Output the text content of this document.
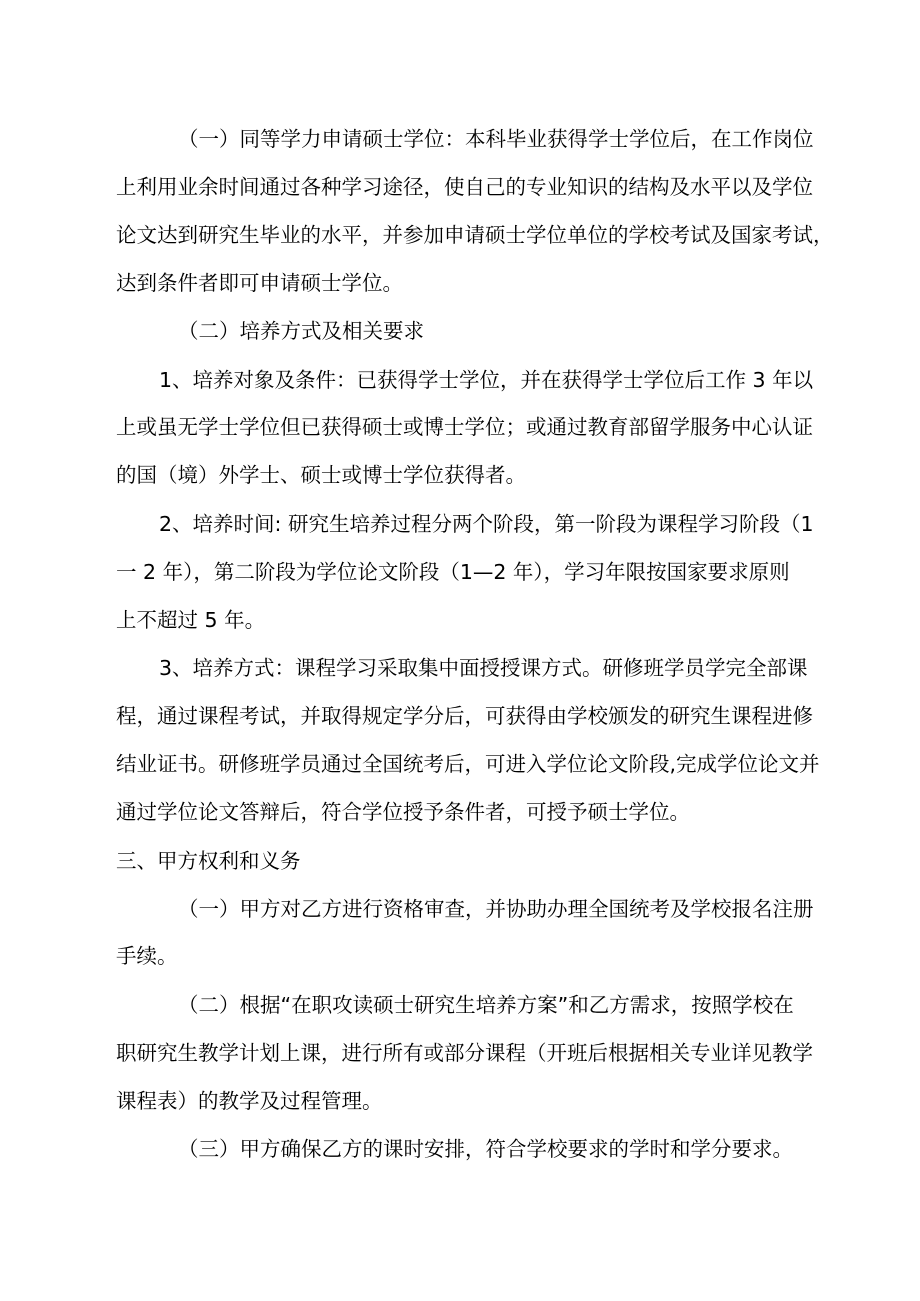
（一）同等学力申请硕士学位：本科毕业获得学士学位后，在工作岗位
上利用业余时间通过各种学习途径，使自己的专业知识的结构及水平以及学位
论文达到研究生毕业的水平，并参加申请硕士学位单位的学校考试及国家考试，
达到条件者即可申请硕士学位。
（二）培养方式及相关要求
1、培养对象及条件：已获得学士学位，并在获得学士学位后工作 3 年以
上或虽无学士学位但已获得硕士或博士学位；或通过教育部留学服务中心认证
的国（境）外学士、硕士或博士学位获得者。
2、培养时间: 研究生培养过程分两个阶段，第一阶段为课程学习阶段（1
一 2 年），第二阶段为学位论文阶段（1—2 年），学习年限按国家要求原则
上不超过 5 年。
3、培养方式：课程学习采取集中面授授课方式。研修班学员学完全部课
程，通过课程考试，并取得规定学分后，可获得由学校颁发的研究生课程进修
结业证书。研修班学员通过全国统考后，可进入学位论文阶段,完成学位论文并
通过学位论文答辩后，符合学位授予条件者，可授予硕士学位。
三、甲方权利和义务
（一）甲方对乙方进行资格审查，并协助办理全国统考及学校报名注册
手续。
（二）根据“在职攻读硕士研究生培养方案”和乙方需求，按照学校在
职研究生教学计划上课，进行所有或部分课程（开班后根据相关专业详见教学
课程表）的教学及过程管理。
（三）甲方确保乙方的课时安排，符合学校要求的学时和学分要求。
